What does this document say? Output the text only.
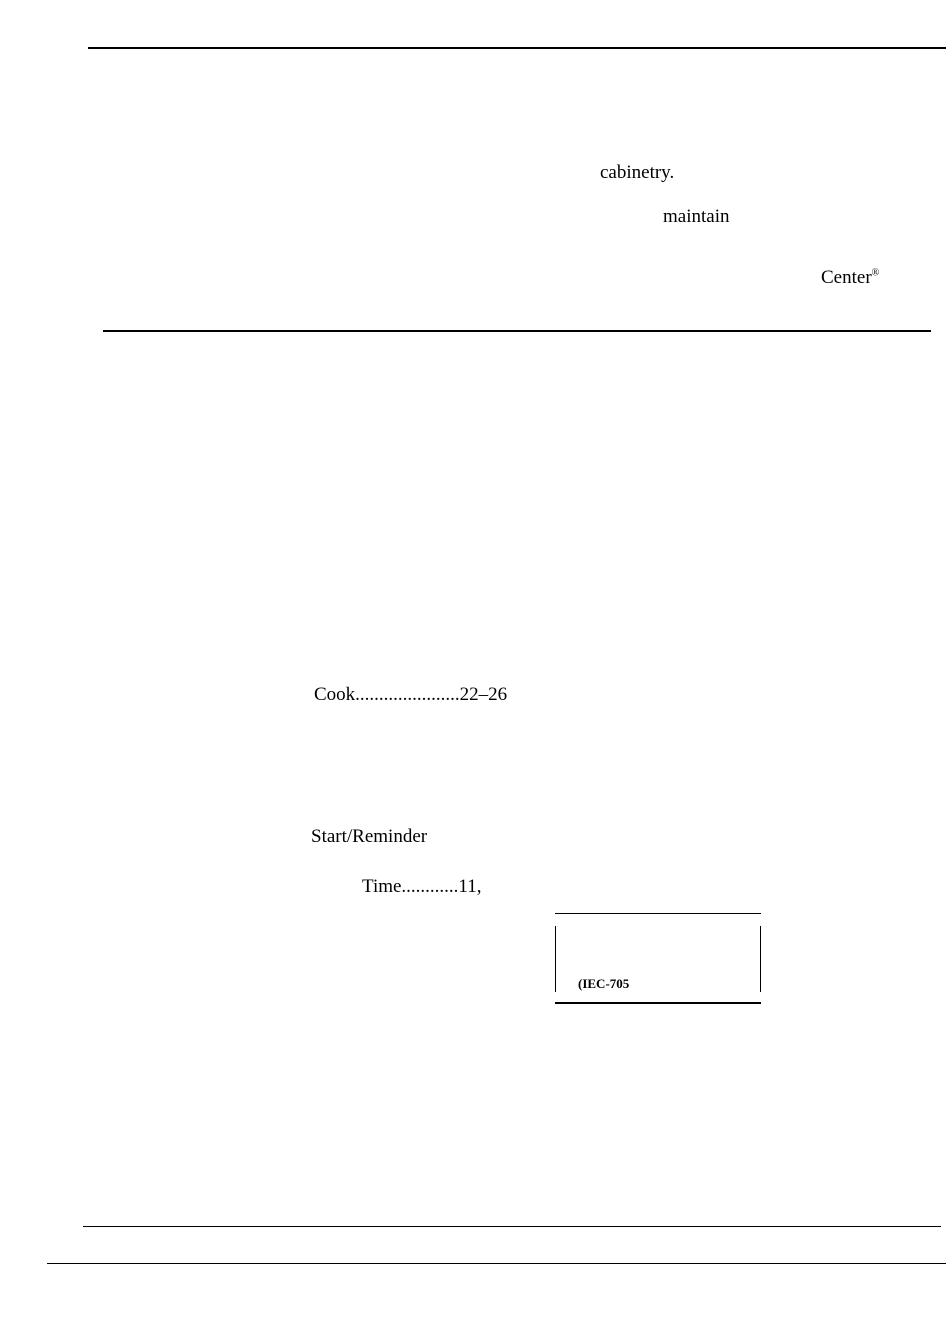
cabinetry.
maintain
Center®
Cook......................22–26
Start/Reminder
Time............11,
(IEC-705
